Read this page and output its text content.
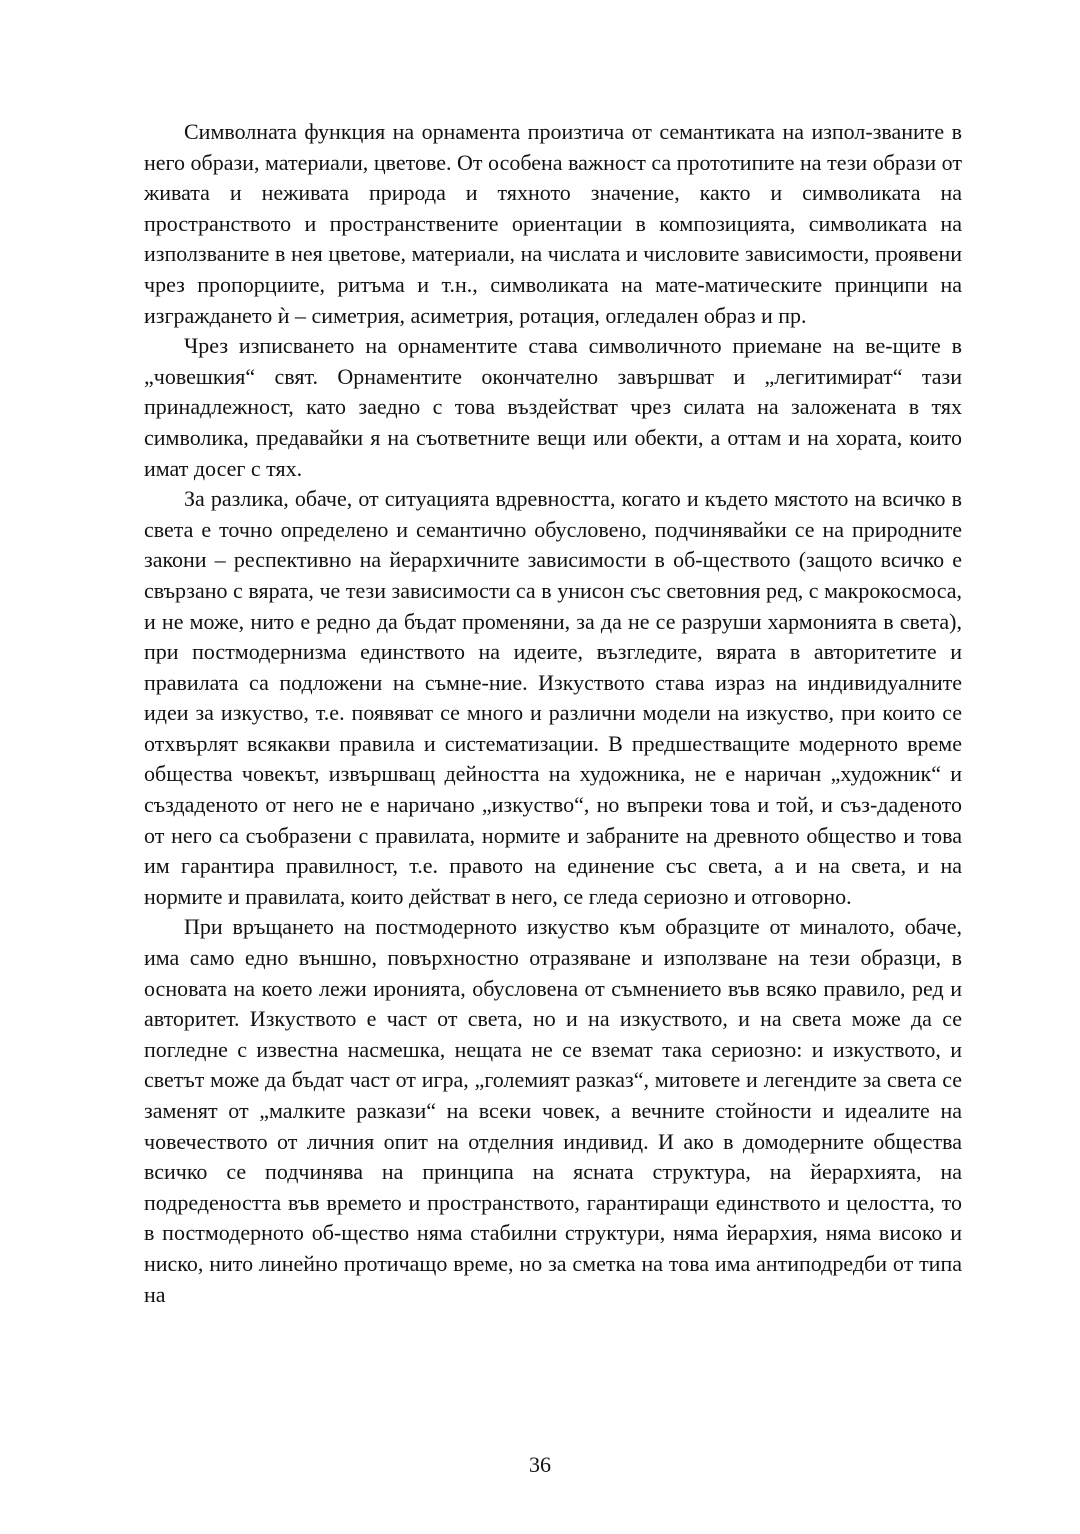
Символната функция на орнамента произтича от семантиката на изпол-званите в него образи, материали, цветове. От особена важност са прототипите на тези образи от живата и неживата природа и тяхното значение, както и символиката на пространството и пространствените ориентации в композицията, символиката на използваните в нея цветове, материали, на числата и числовите зависимости, проявени чрез пропорциите, ритъма и т.н., символиката на мате-матическите принципи на изграждането ѝ – симетрия, асиметрия, ротация, огледален образ и пр.

Чрез изписването на орнаментите става символичното приемане на ве-щите в „човешкия“ свят. Орнаментите окончателно завършват и „легитимират“ тази принадлежност, като заедно с това въздействат чрез силата на заложената в тях символика, предавайки я на съответните вещи или обекти, а оттам и на хората, които имат досег с тях.

За разлика, обаче, от ситуацията вдревността, когато и където мястото на всичко в света е точно определено и семантично обусловено, подчинявайки се на природните закони – респективно на йерархичните зависимости в об-ществото (защото всичко е свързано с вярата, че тези зависимости са в унисон със световния ред, с макрокосмоса, и не може, нито е редно да бъдат променяни, за да не се разруши хармонията в света), при постмодернизма единството на идеите, възгледите, вярата в авторитетите и правилата са подложени на съмне-ние. Изкуството става израз на индивидуалните идеи за изкуство, т.е. появяват се много и различни модели на изкуство, при които се отхвърлят всякакви правила и систематизации. В предшестващите модерното време общества човекът, извършващ дейността на художника, не е наричан „художник“ и създаденото от него не е наричано „изкуство“, но въпреки това и той, и съз-даденото от него са съобразени с правилата, нормите и забраните на древното общество и това им гарантира правилност, т.е. правото на единение със света, а и на света, и на нормите и правилата, които действат в него, се гледа сериозно и отговорно.

При връщането на постмодерното изкуство към образците от миналото, обаче, има само едно външно, повърхностно отразяване и използване на тези образци, в основата на което лежи иронията, обусловена от съмнението във всяко правило, ред и авторитет. Изкуството е част от света, но и на изкуството, и на света може да се погледне с известна насмешка, нещата не се вземат така сериозно: и изкуството, и светът може да бъдат част от игра, „големият разказ“, митовете и легендите за света се заменят от „малките разкази“ на всеки човек, а вечните стойности и идеалите на човечеството от личния опит на отделния индивид. И ако в домодерните общества всичко се подчинява на принципа на ясната структура, на йерархията, на подредеността във времето и пространството, гарантиращи единството и целостта, то в постмодерното об-щество няма стабилни структури, няма йерархия, няма високо и ниско, нито линейно протичащо време, но за сметка на това има антиподредби от типа на

36
